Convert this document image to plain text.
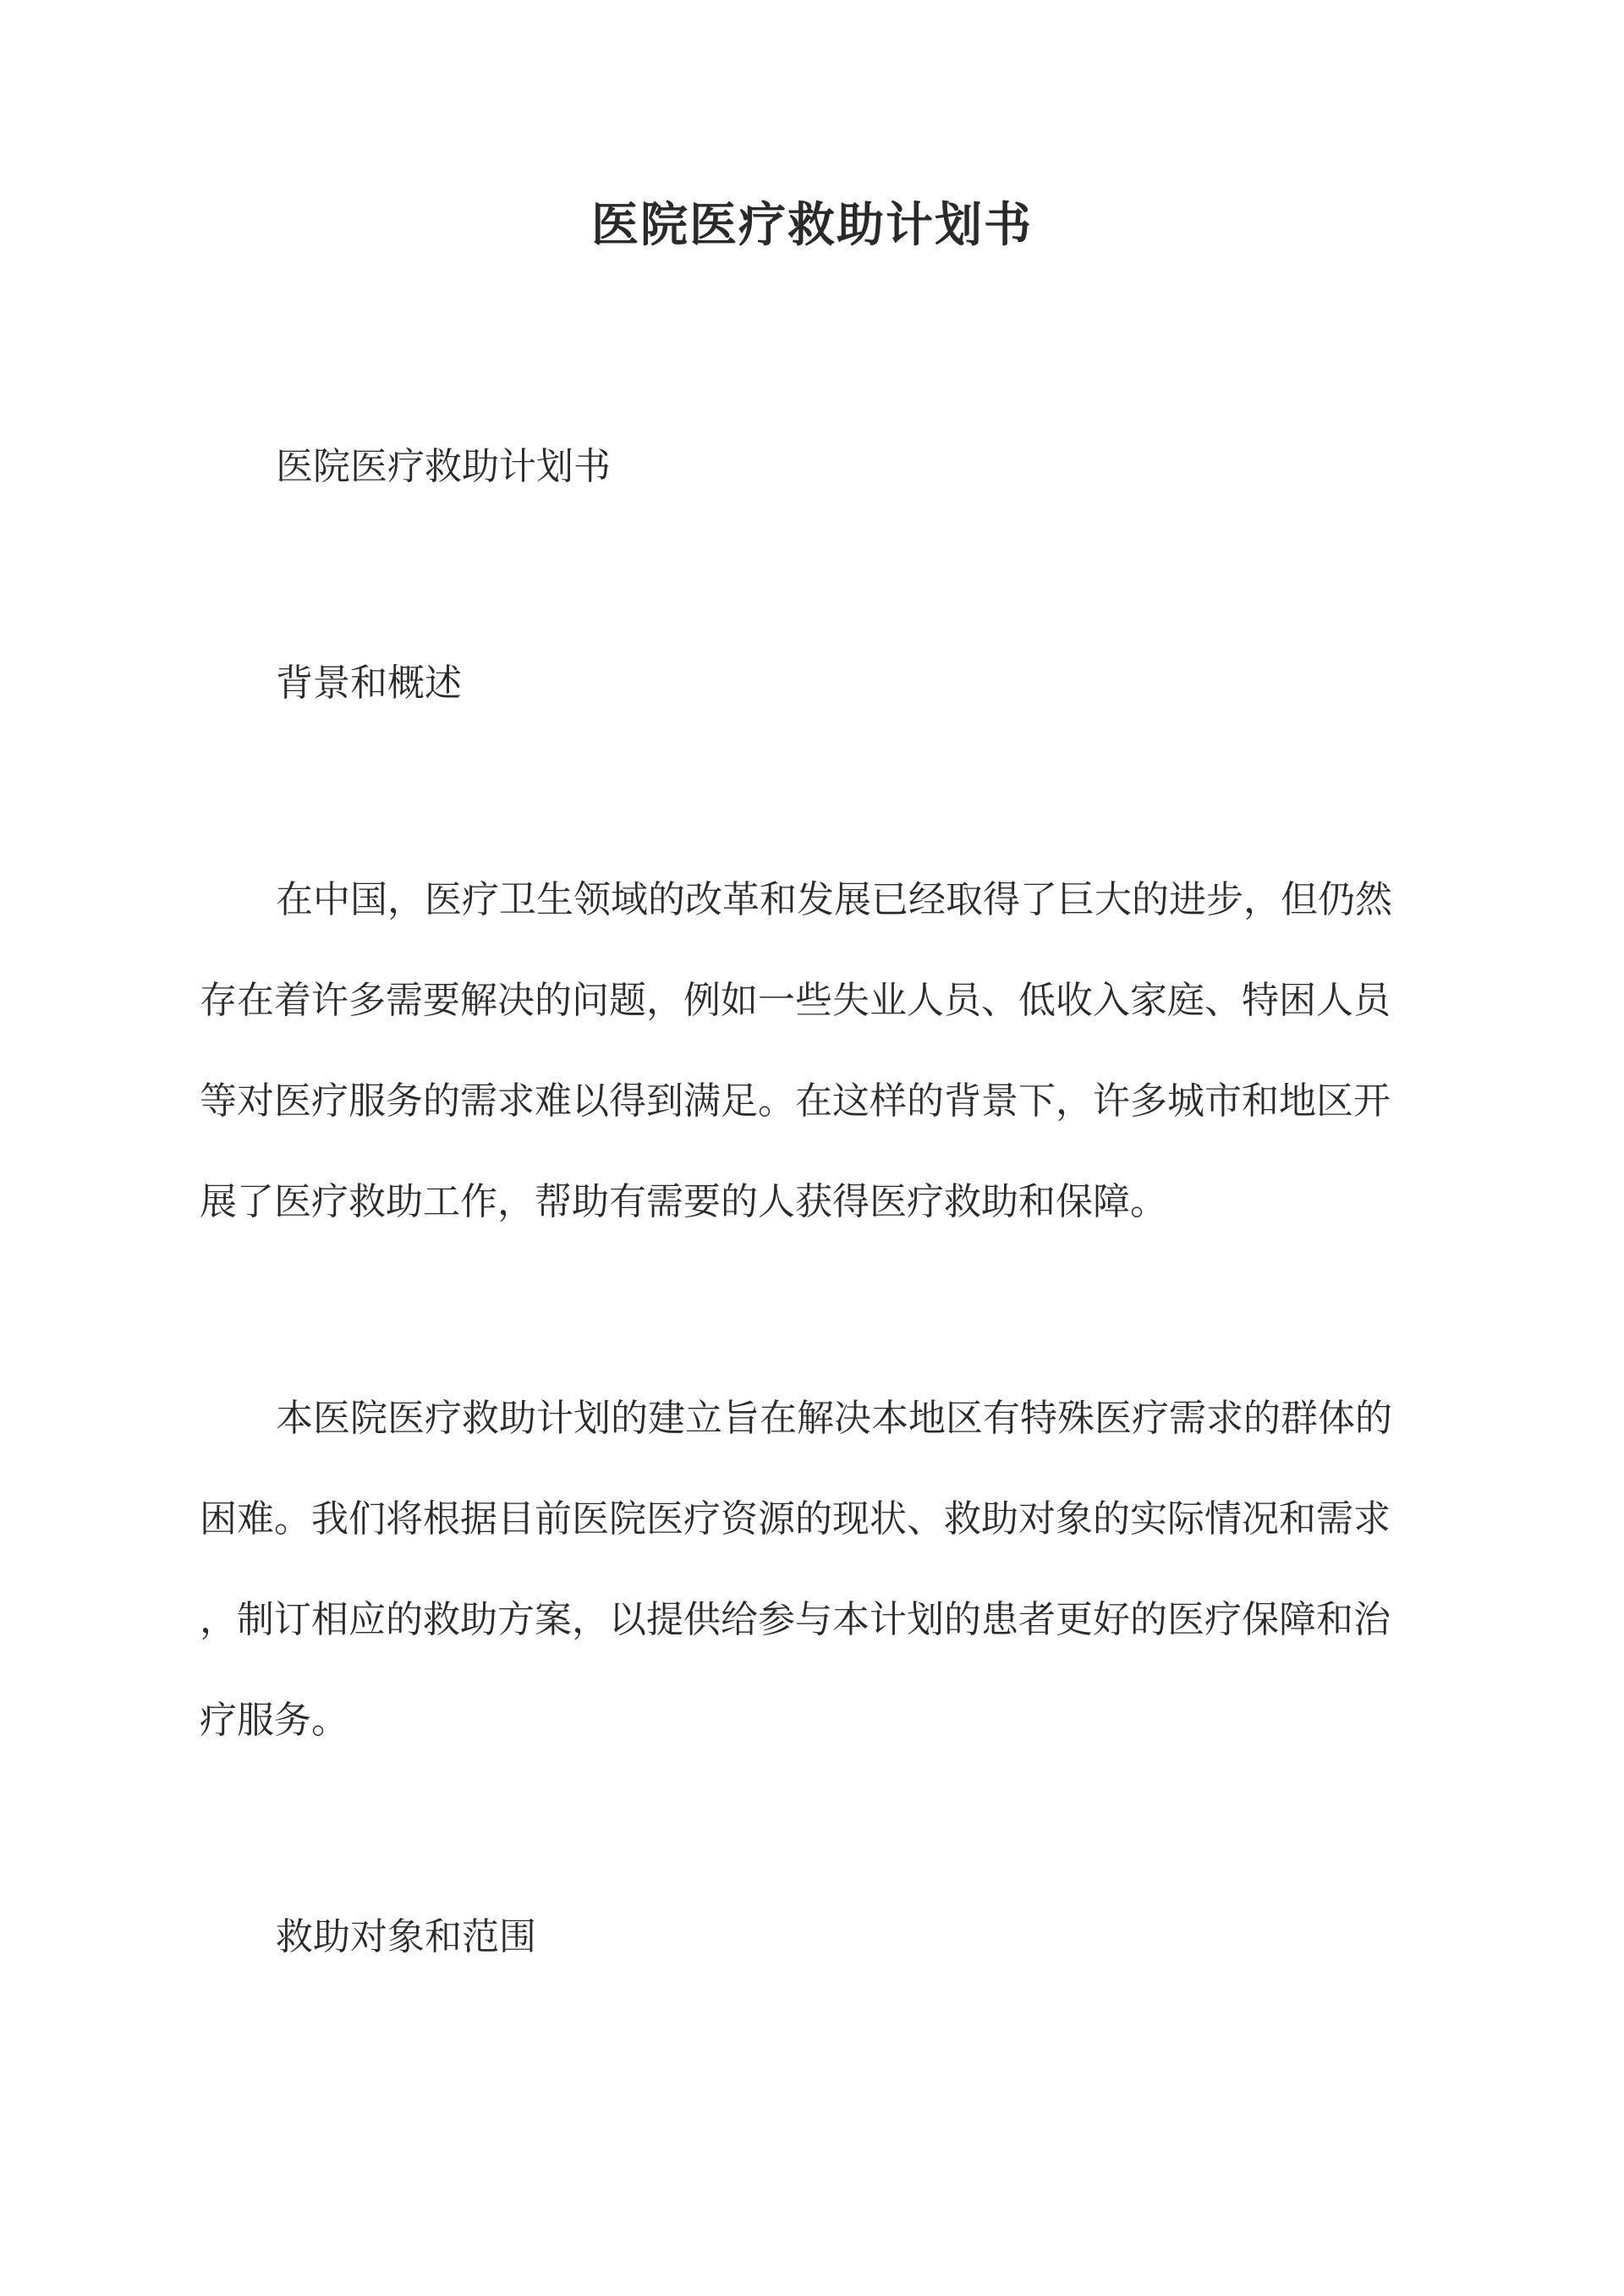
医院医疗救助计划书

医院医疗救助计划书

背景和概述

在中国，医疗卫生领域的改革和发展已经取得了巨大的进步，但仍然

存在着许多需要解决的问题，例如一些失业人员、低收入家庭、特困人员

等对医疗服务的需求难以得到满足。在这样的背景下，许多城市和地区开

展了医疗救助工作，帮助有需要的人获得医疗救助和保障。

本医院医疗救助计划的建立旨在解决本地区有特殊医疗需求的群体的

困难。我们将根据目前医院医疗资源的现状、救助对象的实际情况和需求

，制订相应的救助方案，以提供给参与本计划的患者更好的医疗保障和治

疗服务。

救助对象和范围
